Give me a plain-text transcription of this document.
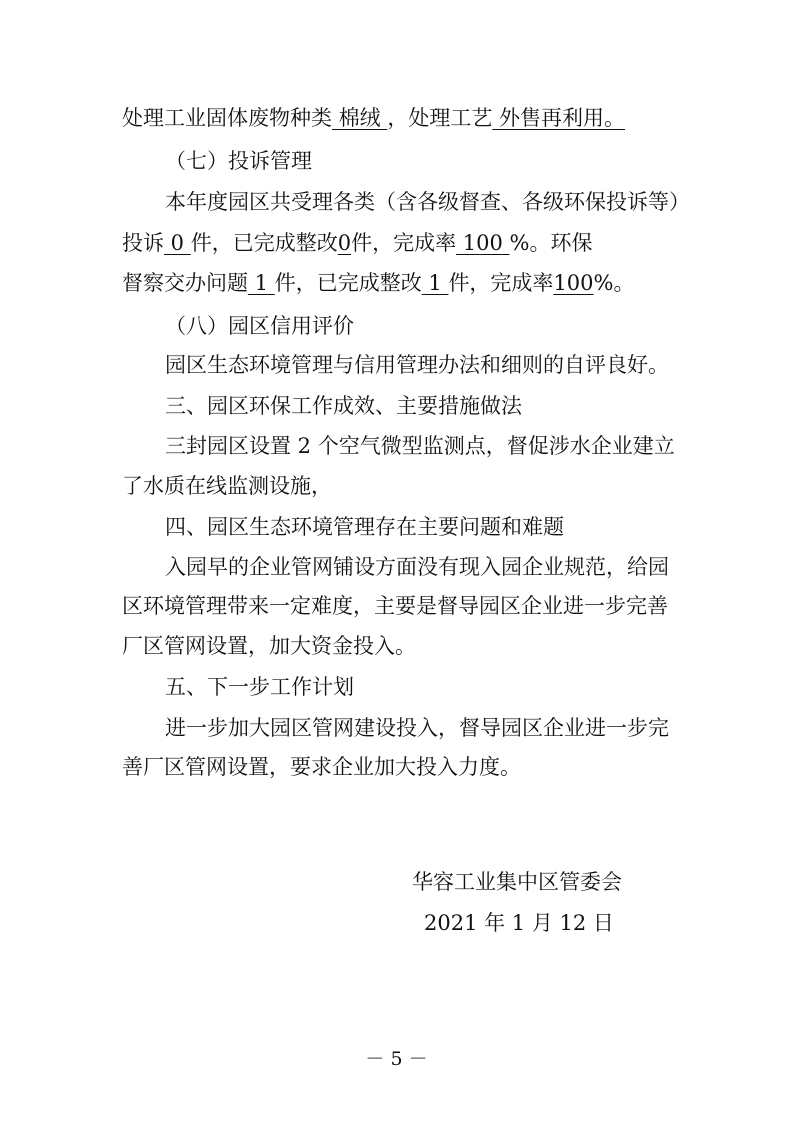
处理工业固体废物种类 棉绒 ，处理工艺 外售再利用。
（七）投诉管理
本年度园区共受理各类（含各级督查、各级环保投诉等）
投诉 0 件，已完成整改0件，完成率 100 %。环保
督察交办问题 1 件，已完成整改 1 件，完成率100%。
（八）园区信用评价
园区生态环境管理与信用管理办法和细则的自评良好。
三、园区环保工作成效、主要措施做法
三封园区设置 2 个空气微型监测点，督促涉水企业建立
了水质在线监测设施，
四、园区生态环境管理存在主要问题和难题
入园早的企业管网铺设方面没有现入园企业规范，给园
区环境管理带来一定难度，主要是督导园区企业进一步完善
厂区管网设置，加大资金投入。
五、下一步工作计划
进一步加大园区管网建设投入，督导园区企业进一步完
善厂区管网设置，要求企业加大投入力度。
华容工业集中区管委会
2021 年 1 月 12 日
－ 5 －
